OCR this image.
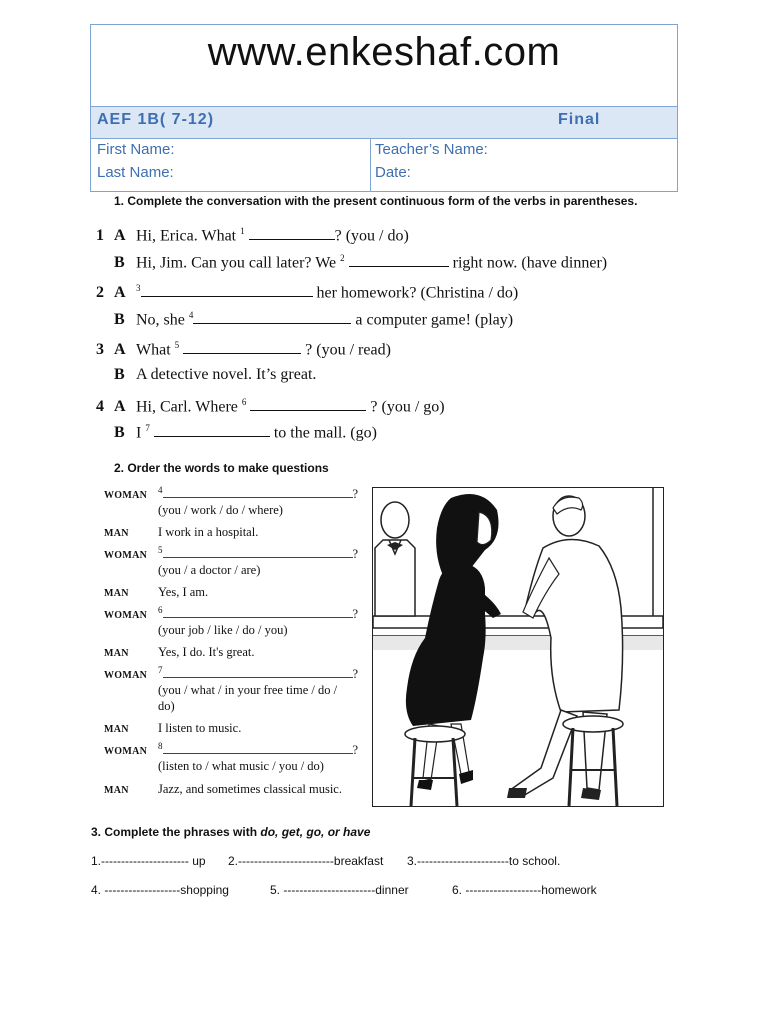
www.enkeshaf.com
AEF 1B( 7-12)	Final
First Name:
Last Name:
Teacher’s Name:
Date:
1. Complete the conversation with the present continuous form of the verbs in parentheses.
1 A Hi, Erica. What $^1$	? (you / do)
B Hi, Jim. Can you call later? We $^2$	right now. (have dinner)
2 A $^3$	her homework? (Christina / do)
B No, she $^4$	a computer game! (play)
3 A What $^5$	? (you / read)
B A detective novel. It’s great.
4 A Hi, Carl. Where $^6$	? (you / go)
B I $^7$	to the mall. (go)
2. Order the words to make questions
WOMAN $^4$	?
(you / work / do / where)
MAN I work in a hospital.
WOMAN $^5$	?
(you / a doctor / are)
MAN Yes, I am.
WOMAN $^6$	?
(your job / like / do / you)
MAN Yes, I do. It's great.
WOMAN $^7$	?
(you / what / in your free time / do /
do)
MAN I listen to music.
WOMAN $^8$	?
(listen to / what music / you / do)
MAN Jazz, and sometimes classical music.
3. Complete the phrases with do, get, go, or have
1.---------------------- up 2.------------------------breakfast 3.-----------------------to school.
4. -------------------shopping	5. -----------------------dinner	6. -------------------homework
